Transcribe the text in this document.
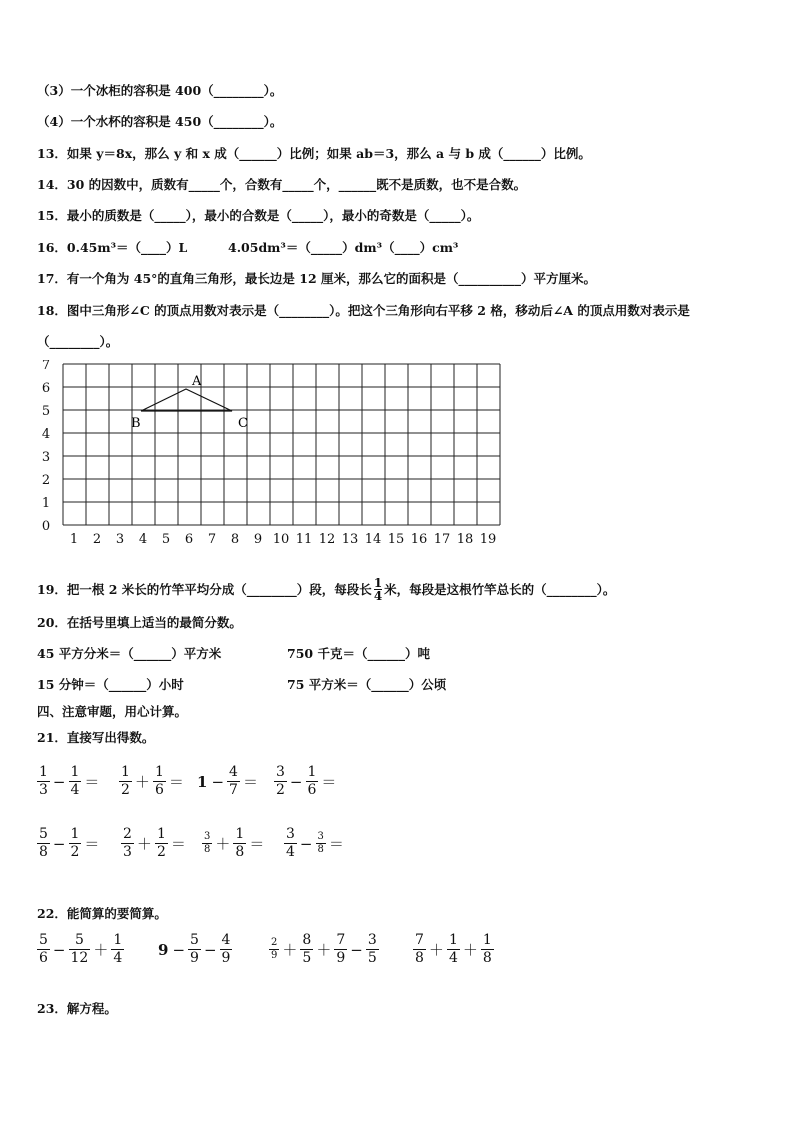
（3）一个冰柜的容积是 400（________）。
（4）一个水杯的容积是 450（________）。
13．如果 y＝8x，那么 y 和 x 成（______）比例；如果 ab＝3，那么 a 与 b 成（______）比例。
14．30 的因数中，质数有_____个，合数有_____个，______既不是质数，也不是合数。
15．最小的质数是（_____），最小的合数是（_____），最小的奇数是（_____）。
16．0.45m³＝（____）L	4.05dm³＝（_____）dm³（____）cm³
17．有一个角为 45°的直角三角形，最长边是 12 厘米，那么它的面积是（__________）平方厘米。
18．图中三角形∠C 的顶点用数对表示是（________）。把这个三角形向右平移 2 格，移动后∠A 的顶点用数对表示是
（________）。
7
6
5
4
3
2
1
0
1 2 3 4 5 6 7 8 9 10 11 12 13 14 15 16 17 18 19
A
B	C
19．把一根 2 米长的竹竿平均分成（________）段，每段长 $\frac{1}{4}$ 米，每段是这根竹竿总长的（________）。
20．在括号里填上适当的最简分数。
45 平方分米＝（______）平方米	750 千克＝（______）吨
15 分钟＝（______）小时	75 平方米＝（______）公顷
四、注意审题，用心计算。
21．直接写出得数。
$\frac{1}{3} - \frac{1}{4} = \frac{1}{2} + \frac{1}{6} = 1 - \frac{4}{7} = \frac{3}{2} - \frac{1}{6}$ ＝
$\frac{5}{8} - \frac{1}{2} = \frac{2}{3} + \frac{1}{2} = \frac{3}{8} + \frac{1}{8} = \frac{3}{4} - \frac{3}{8}$ ＝
22．能简算的要简算。
$\frac{5}{6} - \frac{5}{12} + \frac{1}{4} 9 - \frac{5}{9} - \frac{4}{9}$	$\frac{2}{9} + \frac{8}{5} + \frac{7}{9} - \frac{3}{5} \frac{7}{8} + \frac{1}{4} + \frac{1}{8}$
23．解方程。
